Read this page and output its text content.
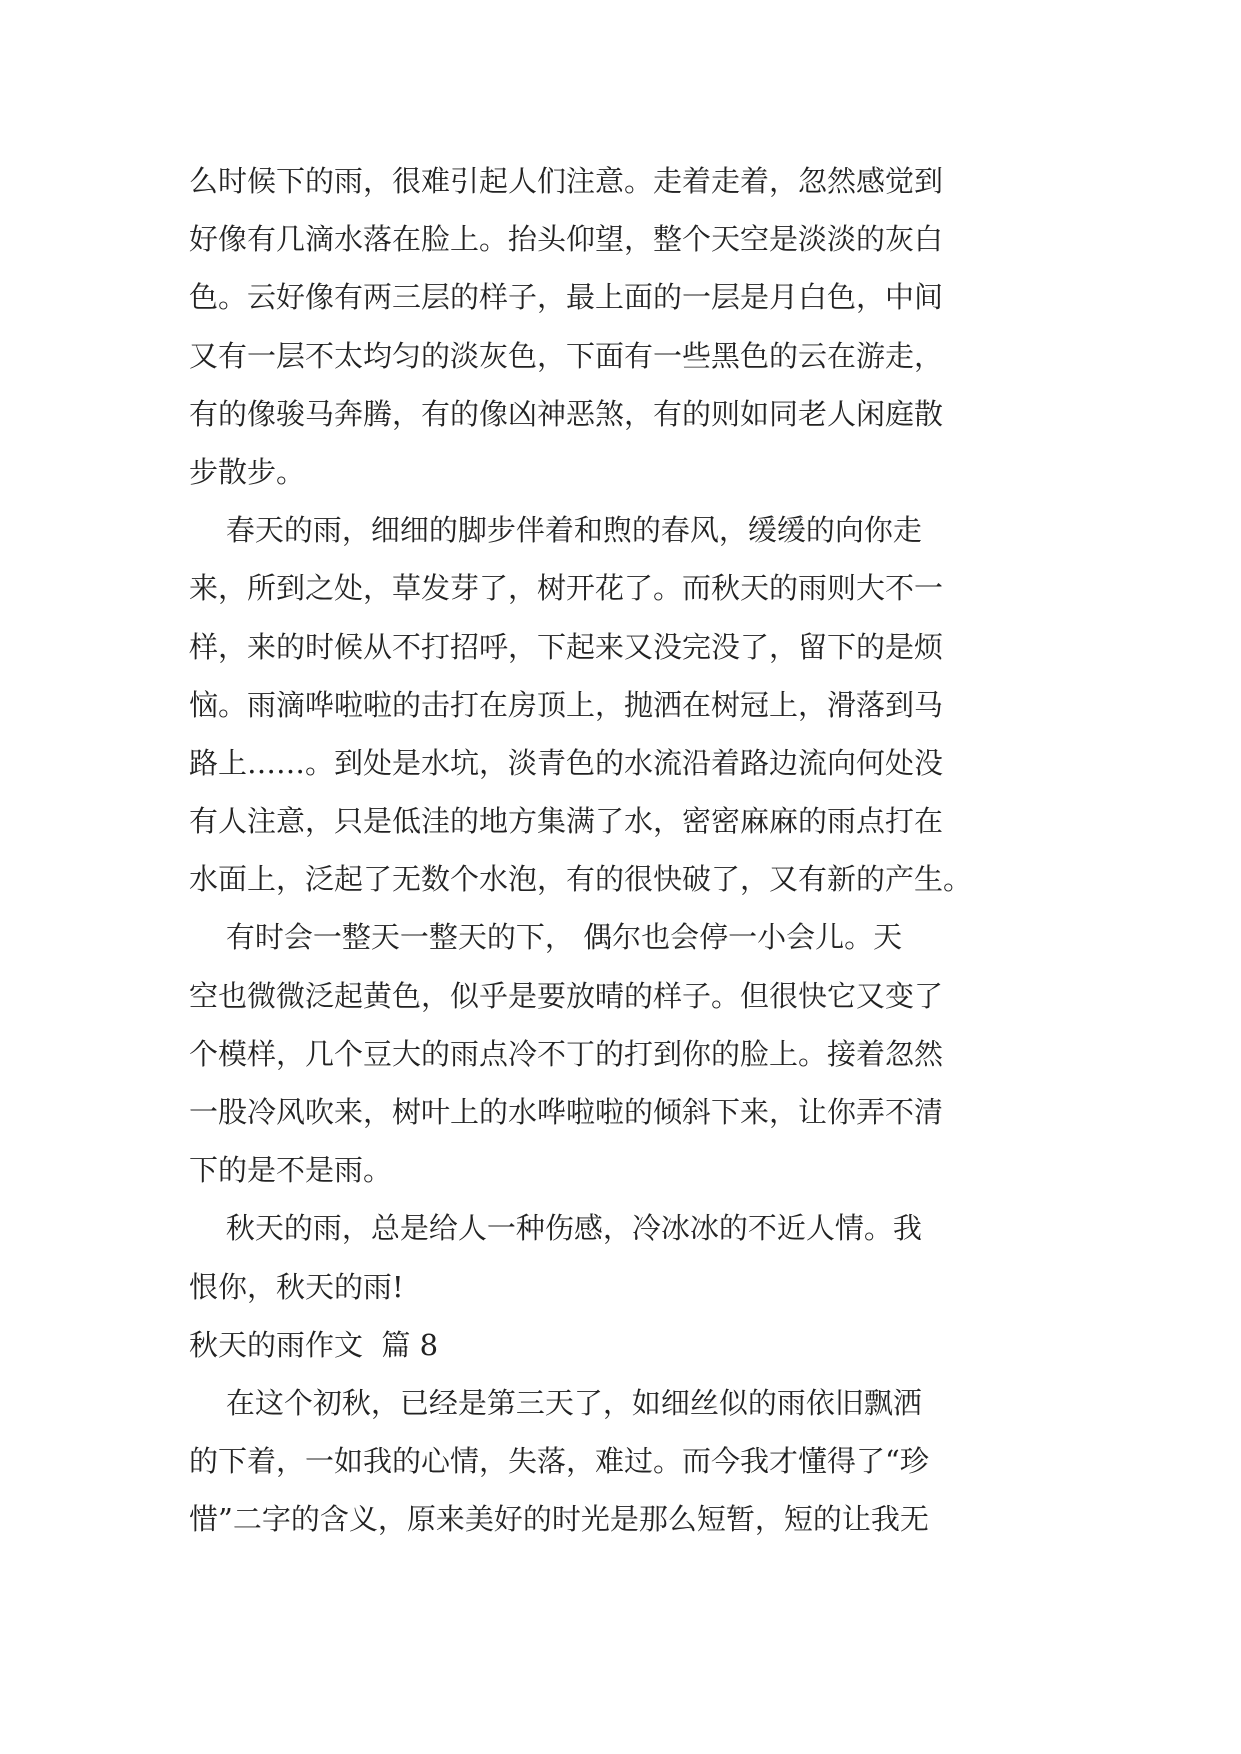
么时候下的雨，很难引起人们注意。走着走着，忽然感觉到
好像有几滴水落在脸上。抬头仰望，整个天空是淡淡的灰白
色。云好像有两三层的样子，最上面的一层是月白色，中间
又有一层不太均匀的淡灰色，下面有一些黑色的云在游走，
有的像骏马奔腾，有的像凶神恶煞，有的则如同老人闲庭散
步散步。
春天的雨，细细的脚步伴着和煦的春风，缓缓的向你走
来，所到之处，草发芽了，树开花了。而秋天的雨则大不一
样，来的时候从不打招呼，下起来又没完没了，留下的是烦
恼。雨滴哗啦啦的击打在房顶上，抛洒在树冠上，滑落到马
路上……。到处是水坑，淡青色的水流沿着路边流向何处没
有人注意，只是低洼的地方集满了水，密密麻麻的雨点打在
水面上，泛起了无数个水泡，有的很快破了，又有新的产生。
有时会一整天一整天的下， 偶尔也会停一小会儿。天
空也微微泛起黄色，似乎是要放晴的样子。但很快它又变了
个模样，几个豆大的雨点冷不丁的打到你的脸上。接着忽然
一股冷风吹来，树叶上的水哗啦啦的倾斜下来，让你弄不清
下的是不是雨。
秋天的雨，总是给人一种伤感，冷冰冰的不近人情。我
恨你，秋天的雨!
秋天的雨作文  篇 8
在这个初秋，已经是第三天了，如细丝似的雨依旧飘洒
的下着，一如我的心情，失落，难过。而今我才懂得了“珍
惜”二字的含义，原来美好的时光是那么短暂，短的让我无
